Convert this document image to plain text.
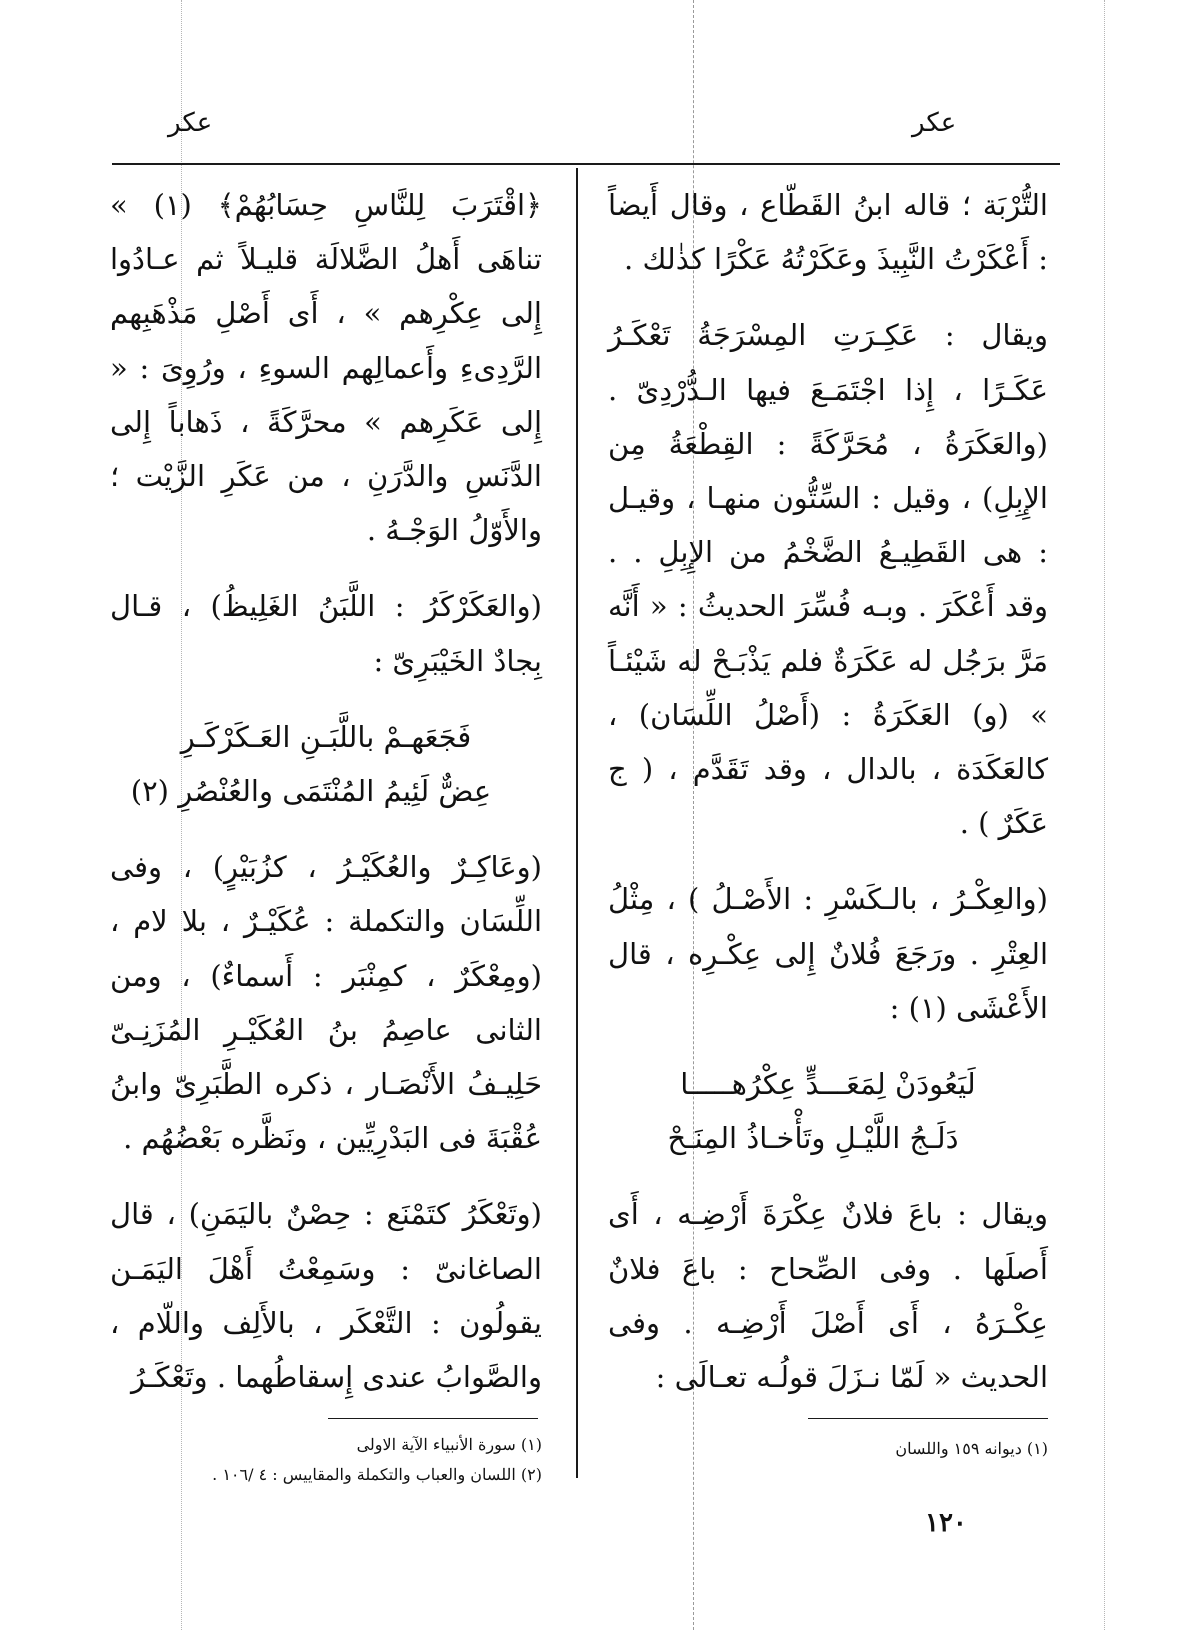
عكر
عكر

التُّرْبَة ؛ قاله ابنُ القَطّاع ، وقال أَيضاً : أَعْكَرْتُ النَّبِيذَ وعَكَرْتُهُ عَكْرًا كذٰلك .

ويقال : عَكِـرَتِ المِسْرَجَةُ تَعْكَـرُ عَكَـرًا ، إِذا اجْتَمَـعَ فيها الـدُّرْدِىّ . (والعَكَرَةُ ، مُحَرَّكَةً : القِطْعَةُ مِن الإِبِلِ) ، وقيل : السِّتُّون منهـا ، وقيـل : هى القَطِيـعُ الضَّخْمُ من الإِبِلِ . . وقد أَعْكَرَ . وبـه فُسِّرَ الحديثُ : « أَنَّه مَرَّ برَجُل له عَكَرَةٌ فلم يَذْبَـحْ له شَيْئـاً » (و) العَكَرَةُ : (أَصْلُ اللِّسَان) ، كالعَكَدَة ، بالدال ، وقد تَقَدَّم ، ( ج عَكَرٌ ) .

(والعِكْـرُ ، بالـكَسْرِ : الأَصْـلُ ) ، مِثْلُ العِتْرِ . ورَجَعَ فُلانٌ إِلى عِكْـرِه ، قال الأَعْشَى (١) :

لَيَعُودَنْ لِمَعَـــدٍّ عِكْرُهـــــا

دَلَـجُ اللَّيْـلِ وتَأْخـاذُ المِنَـحْ

ويقال : باعَ فلانٌ عِكْرَةَ أَرْضِـه ، أَى أَصلَها . وفى الصِّحاح : باعَ فلانٌ عِكْـرَهُ ، أَى أَصْلَ أَرْضِـه . وفى الحديث « لَمّا نـزَلَ قولُـه تعـالَى :

(١) ديوانه ١٥٩ واللسان

﴿اقْتَرَبَ لِلنَّاسِ حِسَابُهُمْ﴾ (١) » تناهَى أَهلُ الضَّلالَة قليـلاً ثم عـادُوا إِلى عِكْرِهم » ، أَى أَصْلِ مَذْهَبِهم الرَّدِىءِ وأَعمالِهم السوءِ ، ورُوِىَ : « إِلى عَكَرِهم » محرَّكَةً ، ذَهاباً إِلى الدَّنَسِ والدَّرَنِ ، من عَكَرِ الزَّيْت ؛ والأَوّلُ الوَجْـهُ .

(والعَكَرْكَرُ : اللَّبَنُ الغَلِيظُ) ، قـال بِجادٌ الخَيْبَرِىّ :

فَجَعَهـمْ باللَّبَـنِ العَـكَرْكَـرِ

عِضٌّ لَئِيمُ المُنْتَمَى والعُنْصُرِ (٢)

(وعَاكِـرٌ والعُكَيْـرُ ، كزُبَيْرٍ) ، وفى اللِّسَان والتكملة : عُكَيْـرٌ ، بلا لام ، (ومِعْكَرٌ ، كمِنْبَر : أَسماءٌ) ، ومن الثانى عاصِمُ بنُ العُكَيْـرِ المُزَنِـىّ حَلِيـفُ الأَنْصَـار ، ذكره الطَّبَرِىّ وابنُ عُقْبَةَ فى البَدْرِيِّين ، ونَظَّره بَعْضُهُم .

(وتَعْكَرُ كتَمْنَع : حِصْنٌ باليَمَنِ) ، قال الصاغانىّ : وسَمِعْتُ أَهْلَ اليَمَـن يقولُون : التَّعْكَر ، بالأَلِف واللّام ، والصَّوابُ عندى إِسقاطُهما . وتَعْكَـرُ

(١) سورة الأنبياء الآية الاولى
(٢) اللسان والعباب والتكملة والمقاييس : ٤ /١٠٦ .
١٢٠
